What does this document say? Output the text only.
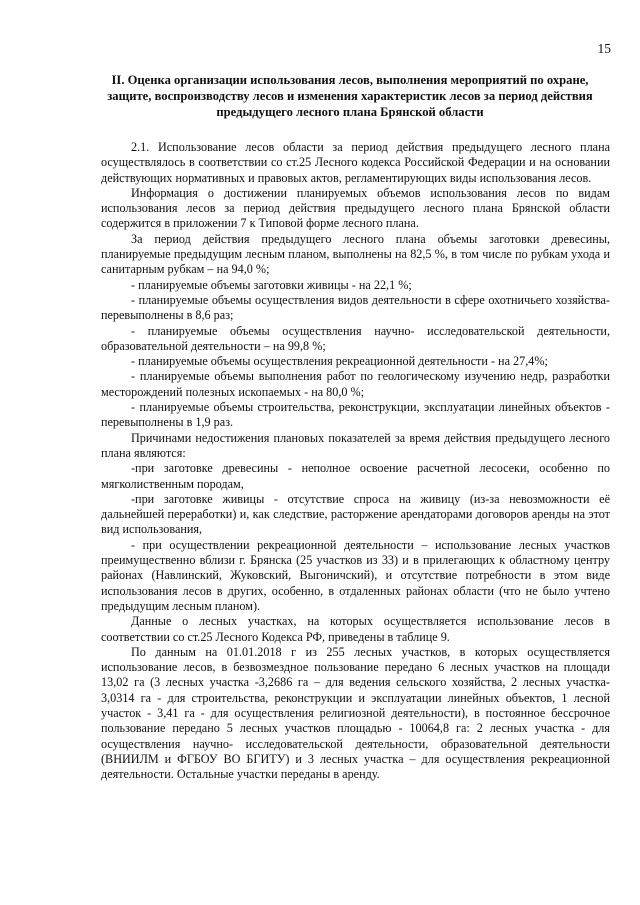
15
II. Оценка организации использования лесов, выполнения мероприятий по охране, защите, воспроизводству лесов и изменения характеристик лесов за период действия предыдущего лесного плана Брянской области

2.1. Использование лесов области за период действия предыдущего лесного плана осуществлялось в соответствии со ст.25 Лесного кодекса Российской Федерации и на основании действующих нормативных и правовых актов, регламентирующих виды использования лесов.

Информация о достижении планируемых объемов использования лесов по видам использования лесов за период действия предыдущего лесного плана Брянской области содержится в приложении 7 к Типовой форме лесного плана.

За период действия предыдущего лесного плана объемы заготовки древесины, планируемые предыдущим лесным планом, выполнены на 82,5 %, в том числе по рубкам ухода и санитарным рубкам – на 94,0 %;

- планируемые объемы заготовки живицы - на 22,1 %;

- планируемые объемы осуществления видов деятельности в сфере охотничьего хозяйства-перевыполнены в 8,6 раз;

- планируемые объемы осуществления научно- исследовательской деятельности, образовательной деятельности – на 99,8 %;

- планируемые объемы осуществления рекреационной деятельности - на 27,4%;

- планируемые объемы выполнения работ по геологическому изучению недр, разработки месторождений полезных ископаемых - на 80,0 %;

- планируемые объемы строительства, реконструкции, эксплуатации линейных объектов - перевыполнены в 1,9 раз.

Причинами недостижения плановых показателей за время действия предыдущего лесного плана являются:

-при заготовке древесины - неполное освоение расчетной лесосеки, особенно по мягколиственным породам,

-при заготовке живицы - отсутствие спроса на живицу (из-за невозможности её дальнейшей переработки) и, как следствие, расторжение арендаторами договоров аренды на этот вид использования,

- при осуществлении рекреационной деятельности – использование лесных участков преимущественно вблизи г. Брянска (25 участков из 33) и в прилегающих к областному центру районах (Навлинский, Жуковский, Выгоничский), и отсутствие потребности в этом виде использования лесов в других, особенно, в отдаленных районах области (что не было учтено предыдущим лесным планом).

Данные о лесных участках, на которых осуществляется использование лесов в соответствии со ст.25 Лесного Кодекса РФ, приведены в таблице 9.

По данным на 01.01.2018 г из 255 лесных участков, в которых осуществляется использование лесов, в безвозмездное пользование передано 6 лесных участков на площади 13,02 га (3 лесных участка -3,2686 га – для ведения сельского хозяйства, 2 лесных участка- 3,0314 га - для строительства, реконструкции и эксплуатации линейных объектов, 1 лесной участок - 3,41 га - для осуществления религиозной деятельности), в постоянное бессрочное пользование передано 5 лесных участков площадью - 10064,8 га: 2 лесных участка - для осуществления научно- исследовательской деятельности, образовательной деятельности (ВНИИЛМ и ФГБОУ ВО БГИТУ) и 3 лесных участка – для осуществления рекреационной деятельности. Остальные участки переданы в аренду.
